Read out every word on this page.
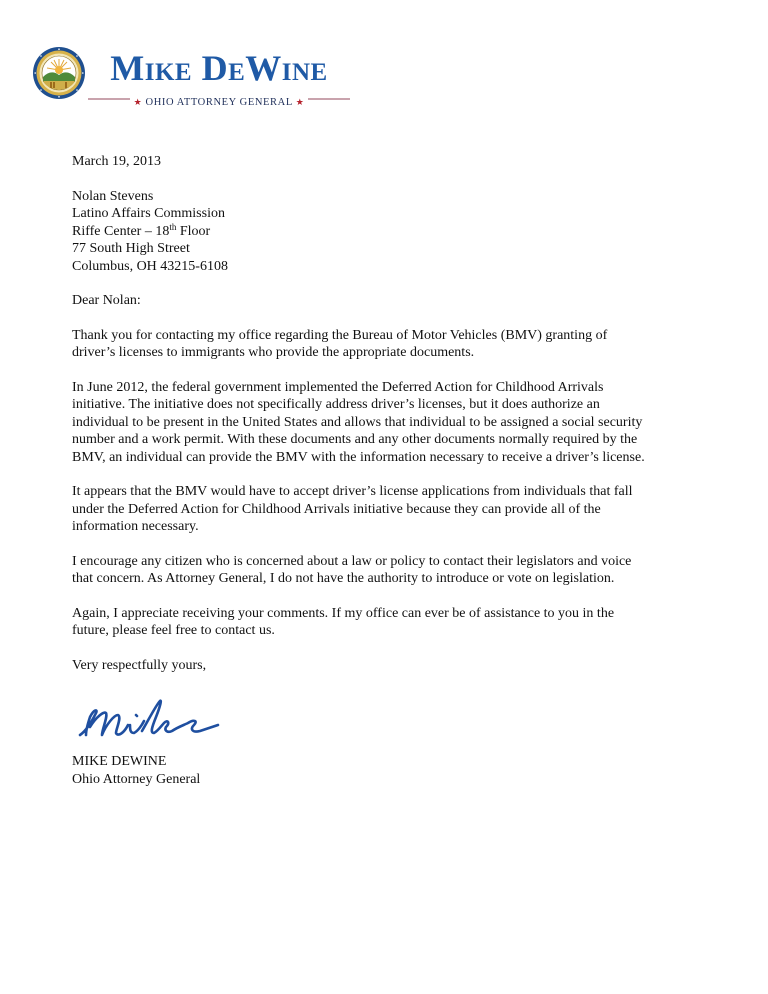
Mike DeWine
★ OHIO ATTORNEY GENERAL ★

March 19, 2013

Nolan Stevens
Latino Affairs Commission
Riffe Center – 18th Floor
77 South High Street
Columbus, OH 43215-6108

Dear Nolan:

Thank you for contacting my office regarding the Bureau of Motor Vehicles (BMV) granting of
driver’s licenses to immigrants who provide the appropriate documents.

In June 2012, the federal government implemented the Deferred Action for Childhood Arrivals
initiative. The initiative does not specifically address driver’s licenses, but it does authorize an
individual to be present in the United States and allows that individual to be assigned a social security
number and a work permit. With these documents and any other documents normally required by the
BMV, an individual can provide the BMV with the information necessary to receive a driver’s license.

It appears that the BMV would have to accept driver’s license applications from individuals that fall
under the Deferred Action for Childhood Arrivals initiative because they can provide all of the
information necessary.

I encourage any citizen who is concerned about a law or policy to contact their legislators and voice
that concern. As Attorney General, I do not have the authority to introduce or vote on legislation.

Again, I appreciate receiving your comments. If my office can ever be of assistance to you in the
future, please feel free to contact us.

Very respectfully yours,

MIKE DEWINE
Ohio Attorney General
